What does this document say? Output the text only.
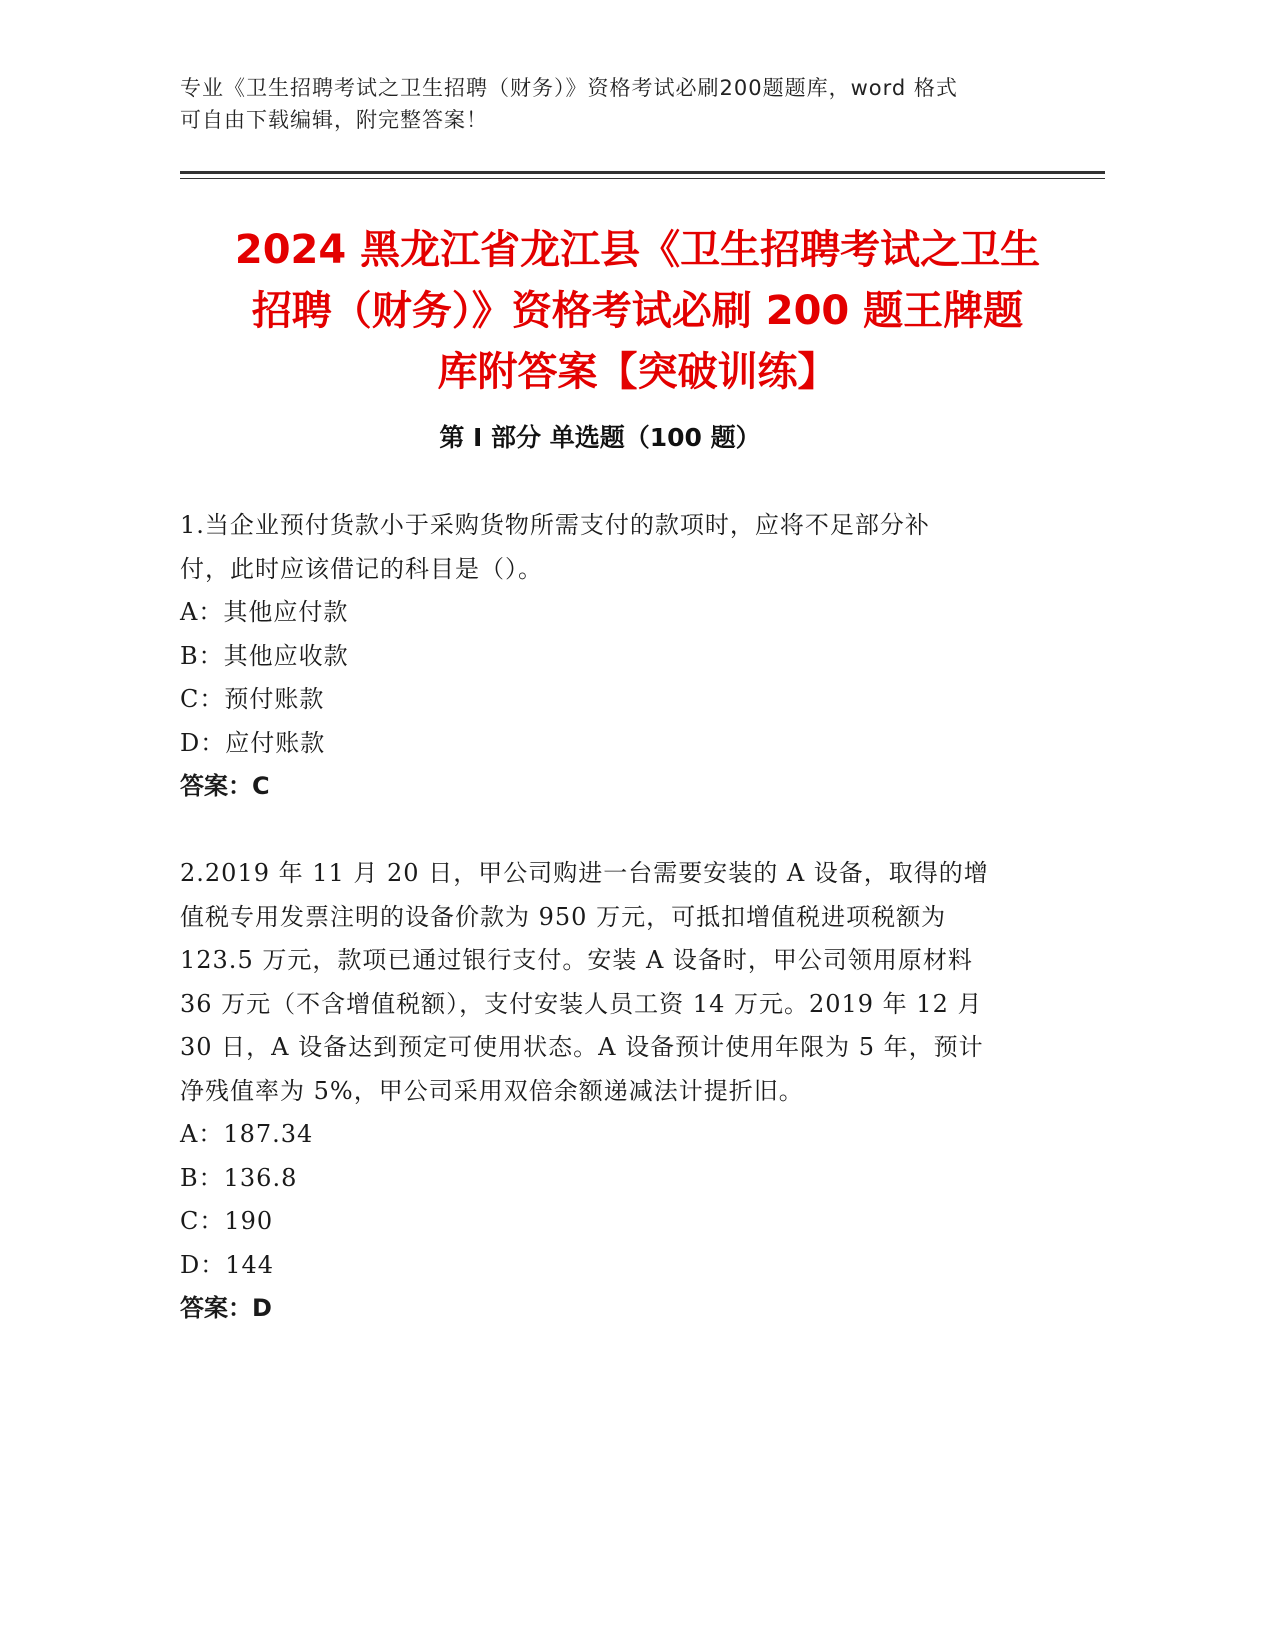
专业《卫生招聘考试之卫生招聘（财务）》资格考试必刷200题题库，word 格式
可自由下载编辑，附完整答案！
2024 黑龙江省龙江县《卫生招聘考试之卫生
招聘（财务）》资格考试必刷 200 题王牌题
库附答案【突破训练】
第 I 部分 单选题（100 题）
1.当企业预付货款小于采购货物所需支付的款项时，应将不足部分补
付，此时应该借记的科目是（）。
A：其他应付款
B：其他应收款
C：预付账款
D：应付账款
答案：C
2.2019 年 11 月 20 日，甲公司购进一台需要安装的 A 设备，取得的增
值税专用发票注明的设备价款为 950 万元，可抵扣增值税进项税额为
123.5 万元，款项已通过银行支付。安装 A 设备时，甲公司领用原材料
36 万元（不含增值税额），支付安装人员工资 14 万元。2019 年 12 月
30 日，A 设备达到预定可使用状态。A 设备预计使用年限为 5 年，预计
净残值率为 5%，甲公司采用双倍余额递减法计提折旧。
A：187.34
B：136.8
C：190
D：144
答案：D
